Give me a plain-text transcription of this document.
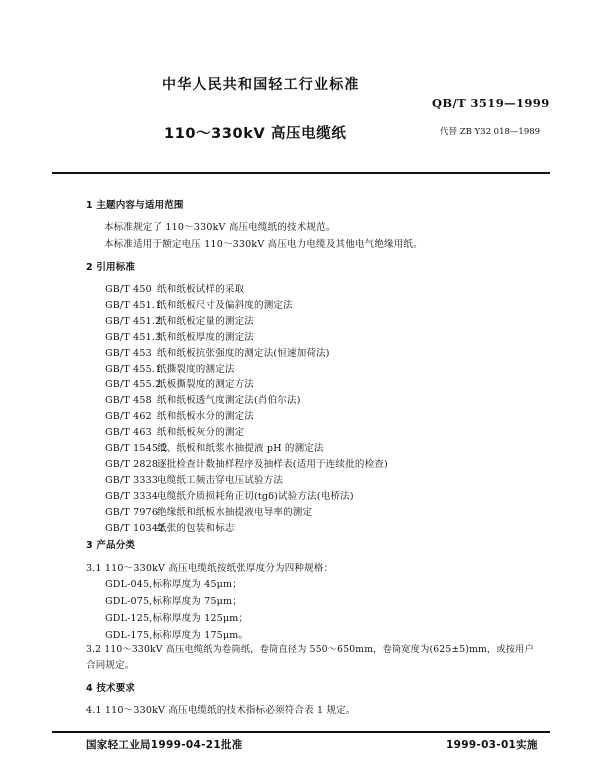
中华人民共和国轻工行业标准
QB/T 3519—1999
110～330kV 高压电缆纸	代替 ZB Y32 018—1989
1 主题内容与适用范围
本标准规定了 110～330kV 高压电缆纸的技术规范。
本标准适用于额定电压 110～330kV 高压电力电缆及其他电气绝缘用纸。
2 引用标准
GB/T 450 纸和纸板试样的采取
GB/T 451.1纸和纸板尺寸及偏斜度的测定法
GB/T 451.2纸和纸板定量的测定法
GB/T 451.3纸和纸板厚度的测定法
GB/T 453 纸和纸板抗张强度的测定法(恒速加荷法)
GB/T 455.1纸撕裂度的测定法
GB/T 455.2纸板撕裂度的测定方法
GB/T 458 纸和纸板透气度测定法(肖伯尔法)
GB/T 462 纸和纸板水分的测定法
GB/T 463 纸和纸板灰分的测定
GB/T 1545.2纸、纸板和纸浆水抽提液 pH 的测定法
GB/T 2828逐批检查计数抽样程序及抽样表(适用于连续批的检查)
GB/T 3333电缆纸工频击穿电压试验方法
GB/T 3334电缆纸介质损耗角正切(tgδ)试验方法(电桥法)
GB/T 7976绝缘纸和纸板水抽提液电导率的测定
GB/T 10342纸张的包装和标志
3 产品分类
3.1 110～330kV 高压电缆纸按纸张厚度分为四种规格：
GDL-045,标称厚度为 45μm；
GDL-075,标称厚度为 75μm；
GDL-125,标称厚度为 125μm；
GDL-175,标称厚度为 175μm。
3.2 110～330kV 高压电缆纸为卷筒纸，卷筒直径为 550～650mm，卷筒宽度为(625±5)mm，或按用户
合同规定。
4 技术要求
4.1 110～330kV 高压电缆纸的技术指标必须符合表 1 规定。
国家轻工业局1999-04-21批准	1999-03-01实施
